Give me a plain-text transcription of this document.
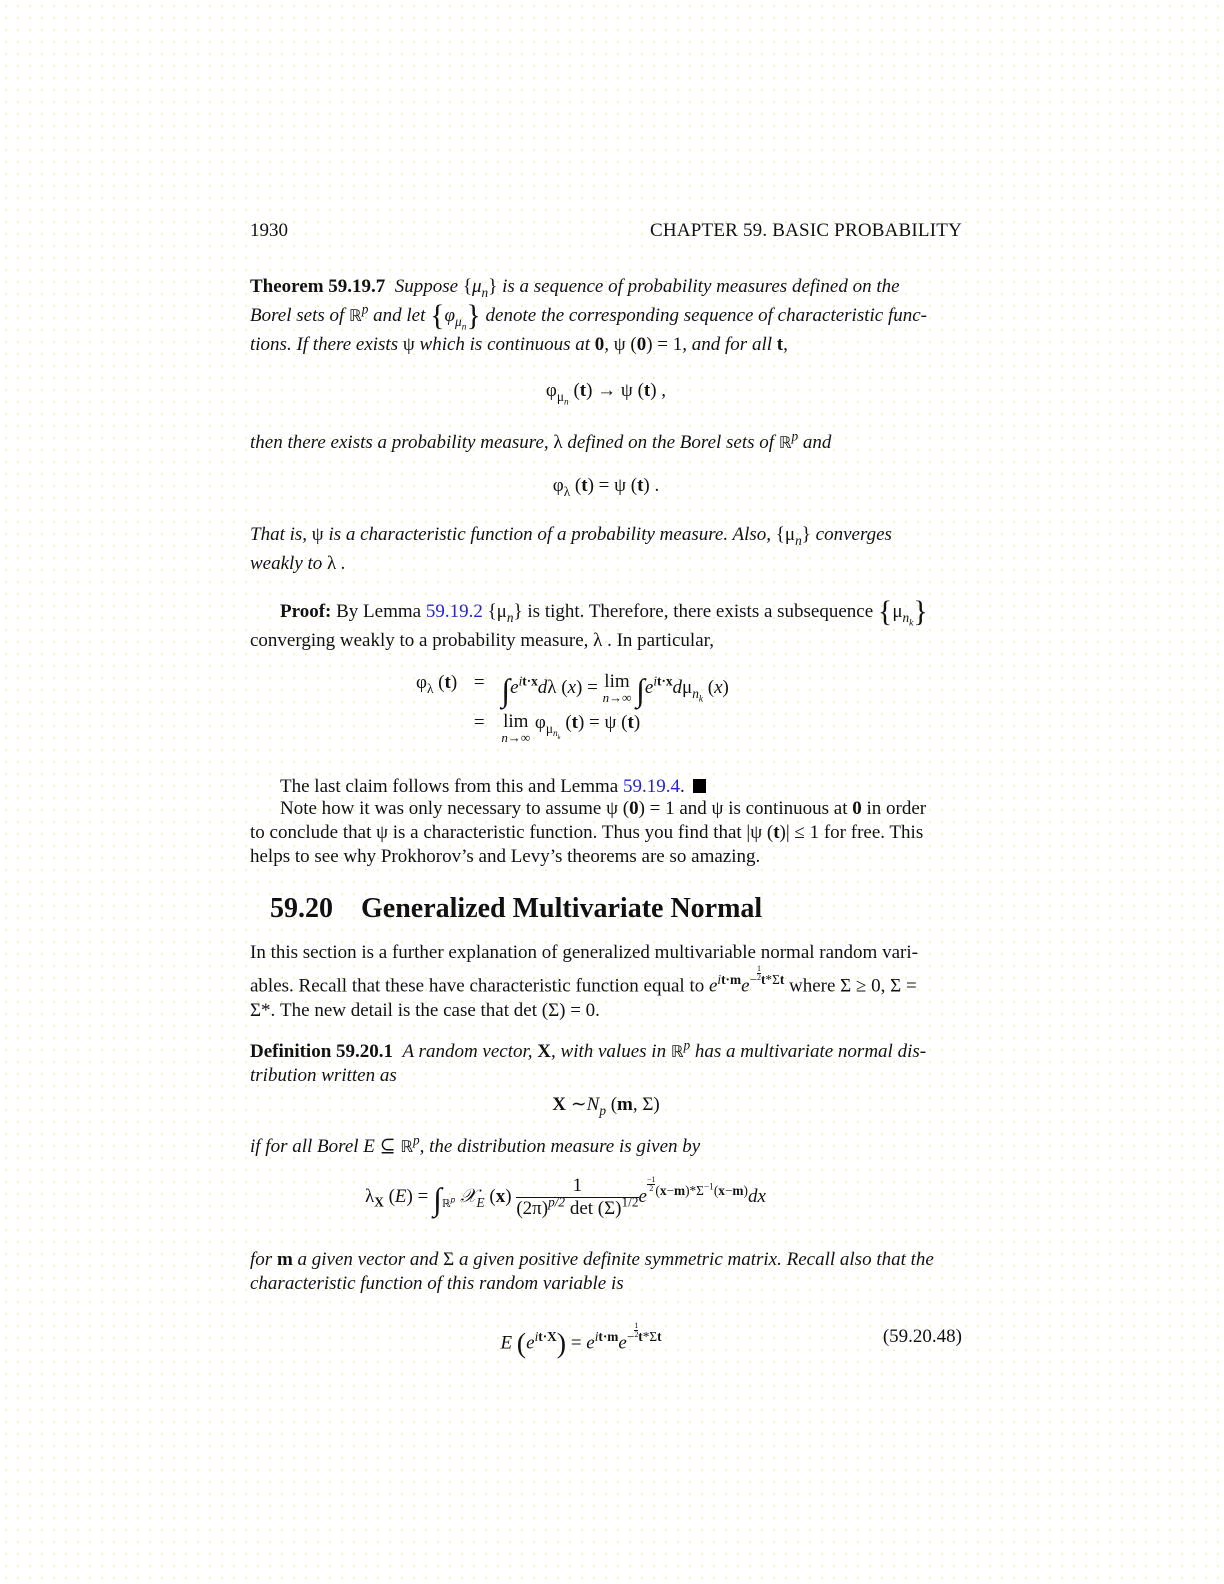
1930	CHAPTER 59. BASIC PROBABILITY
Theorem 59.19.7 Suppose $\{\mu_n\}$ is a sequence of probability measures defined on the
Borel sets of ℝ$^p$ and let $\{\varphi_{\mu_n}\}$ denote the corresponding sequence of characteristic func-
tions. If there exists ψ which is continuous at 0, ψ (0) = 1, and for all t,
$\varphi_{\mu_n}$ (t) → ψ (t) ,
then there exists a probability measure, λ defined on the Borel sets of ℝ$^p$ and
$\varphi_\lambda$ (t) = ψ (t) .
That is, ψ is a characteristic function of a probability measure. Also, $\{\mu_n\}$ converges
weakly to λ .
Proof: By Lemma 59.19.2 $\{\mu_n\}$ is tight. Therefore, there exists a subsequence $\{\mu_{n_k}\}$
converging weakly to a probability measure, λ . In particular,
$\varphi_\lambda$ (t)	=	$\int e^{it\cdot x}d\lambda$ (x) = lim
n→∞ $\int e^{it\cdot x}d\mu_{n_k}$ (x)
	=	lim
n→∞
$\varphi_{\mu_{n_k}}$ (t) = ψ (t)
The last claim follows from this and Lemma 59.19.4.
Note how it was only necessary to assume ψ (0) = 1 and ψ is continuous at 0 in order
to conclude that ψ is a characteristic function. Thus you find that |ψ (t)| ≤ 1 for free. This
helps to see why Prokhorov’s and Levy’s theorems are so amazing.
59.20 Generalized Multivariate Normal
In this section is a further explanation of generalized multivariable normal random vari-
ables. Recall that these have characteristic function equal to $e^{it\cdot m}e^{- \frac{1}{2} t*\Sigma t}$ where Σ ≥ 0, Σ =
Σ*. The new detail is the case that det (Σ) = 0.
Definition 59.20.1 A random vector, X, with values in ℝ$^p$ has a multivariate normal dis-
tribution written as
X $\sim N_p$ (m, Σ)
if for all Borel E ⊆ ℝ$^p$, the distribution measure is given by
$\lambda_X$ $(E) = \int_{ℝ^p}$ 𝒳$_E$ $(x) \frac{1}{(2\pi)^{p/2} \det (\Sigma)^{1/2}}$ e
$^{\frac{-1}{2} (x-m)*\Sigma^{-1}(x-m)}$dx
for m a given vector and Σ a given positive definite symmetric matrix. Recall also that the
characteristic function of this random variable is
E $(e^{it\cdot X}) = e^{it\cdot m}e^{- \frac{1}{2} t*\Sigma t}$	(59.20.48)
